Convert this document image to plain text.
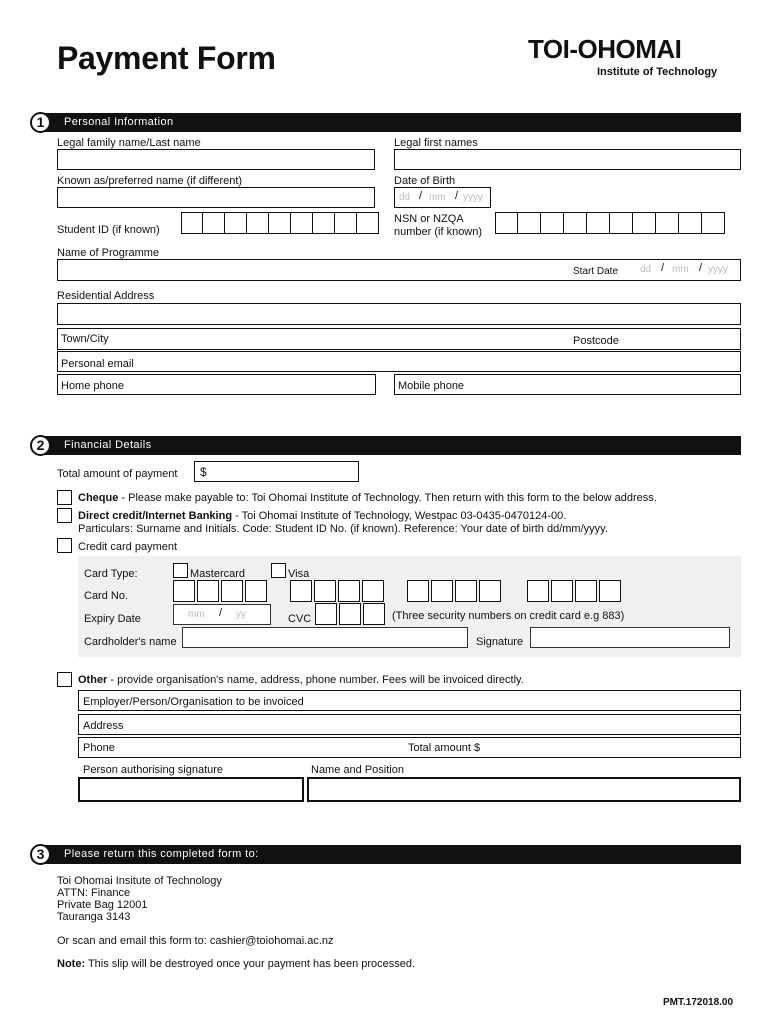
Payment Form	TOI-OHOMAI
Institute of Technology
Personal Information
1
Legal family name/Last name	Legal first names
Known as/preferred name (if different)	Date of Birth
dd / mm / yyyy
Student ID (if known)
NSN or NZQA
number (if known)
Name of Programme
Start Date dd / mm / yyyy
Residential Address
Town/City	Postcode
Personal email
Home phone	Mobile phone
Financial Details
2
Total amount of payment $
Cheque - Please make payable to: Toi Ohomai Institute of Technology. Then return with this form to the below address.
Direct credit/Internet Banking - Toi Ohomai Institute of Technology, Westpac 03-0435-0470124-00.
Particulars: Surname and Initials. Code: Student ID No. (if known). Reference: Your date of birth dd/mm/yyyy.
Credit card payment
Card Type:	Mastercard	Visa
Card No.
Expiry Date	mm / yy	CVC	(Three security numbers on credit card e.g 883)
Cardholder's name	Signature
Other - provide organisation's name, address, phone number. Fees will be invoiced directly.
Employer/Person/Organisation to be invoiced
Address
Phone	Total amount $
Person authorising signature	Name and Position
Please return this completed form to:
3
Toi Ohomai Insitute of Technology
ATTN: Finance
Private Bag 12001
Tauranga 3143
Or scan and email this form to: cashier@toiohomai.ac.nz
Note: This slip will be destroyed once your payment has been processed.
PMT.172018.00
